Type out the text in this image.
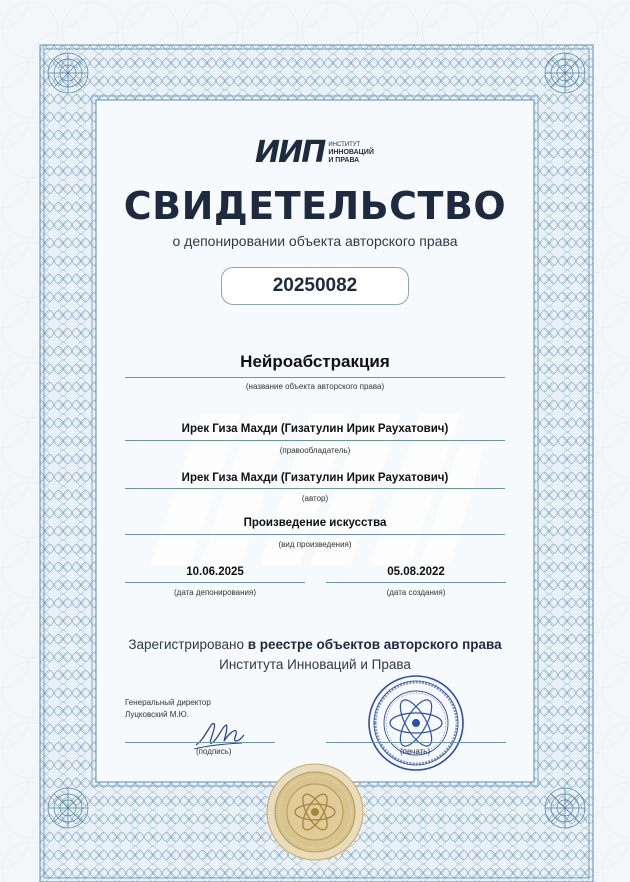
ИИП ИНСТИТУТ
ИННОВАЦИЙ
И ПРАВА
СВИДЕТЕЛЬСТВО
о депонировании объекта авторского права
20250082
Нейроабстракция
(название объекта авторского права)
Ирек Гиза Махди (Гизатулин Ирик Раухатович)
(правообладатель)
Ирек Гиза Махди (Гизатулин Ирик Раухатович)
(автор)
Произведение искусства
(вид произведения)
10.06.2025
(дата депонирования)
05.08.2022
(дата создания)
Зарегистрировано в реестре объектов авторского права
Института Инноваций и Права
Генеральный директор
Луцковский М.Ю.
(подпись)	(печать)
